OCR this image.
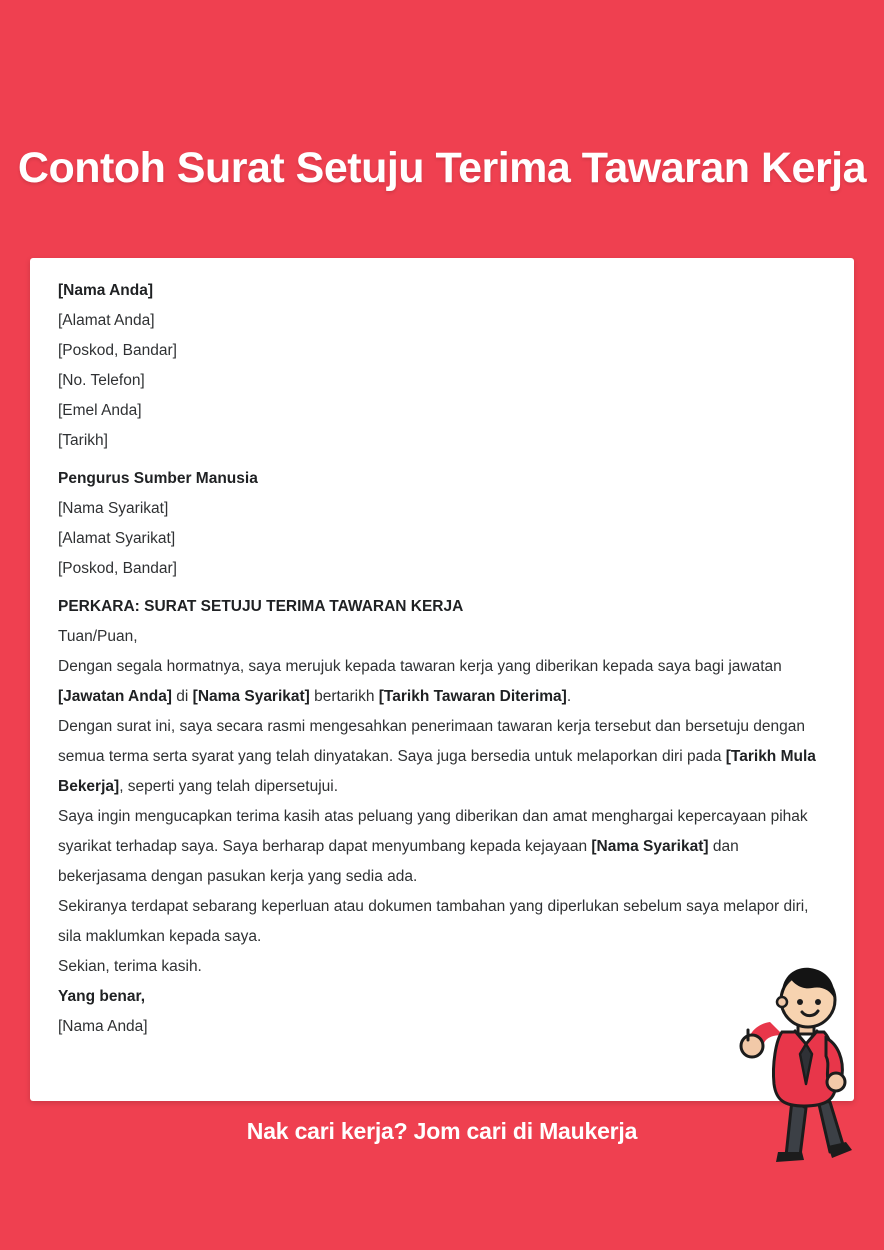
Contoh Surat Setuju Terima Tawaran Kerja

[Nama Anda]

[Alamat Anda]

[Poskod, Bandar]

[No. Telefon]

[Emel Anda]

[Tarikh]

Pengurus Sumber Manusia

[Nama Syarikat]

[Alamat Syarikat]

[Poskod, Bandar]

PERKARA: SURAT SETUJU TERIMA TAWARAN KERJA

Tuan/Puan,

Dengan segala hormatnya, saya merujuk kepada tawaran kerja yang diberikan kepada saya bagi jawatan [Jawatan Anda] di [Nama Syarikat] bertarikh [Tarikh Tawaran Diterima].

Dengan surat ini, saya secara rasmi mengesahkan penerimaan tawaran kerja tersebut dan bersetuju dengan semua terma serta syarat yang telah dinyatakan. Saya juga bersedia untuk melaporkan diri pada [Tarikh Mula Bekerja], seperti yang telah dipersetujui.

Saya ingin mengucapkan terima kasih atas peluang yang diberikan dan amat menghargai kepercayaan pihak syarikat terhadap saya. Saya berharap dapat menyumbang kepada kejayaan [Nama Syarikat] dan bekerjasama dengan pasukan kerja yang sedia ada.

Sekiranya terdapat sebarang keperluan atau dokumen tambahan yang diperlukan sebelum saya melapor diri, sila maklumkan kepada saya.

Sekian, terima kasih.

Yang benar,

[Nama Anda]

Nak cari kerja? Jom cari di Maukerja
